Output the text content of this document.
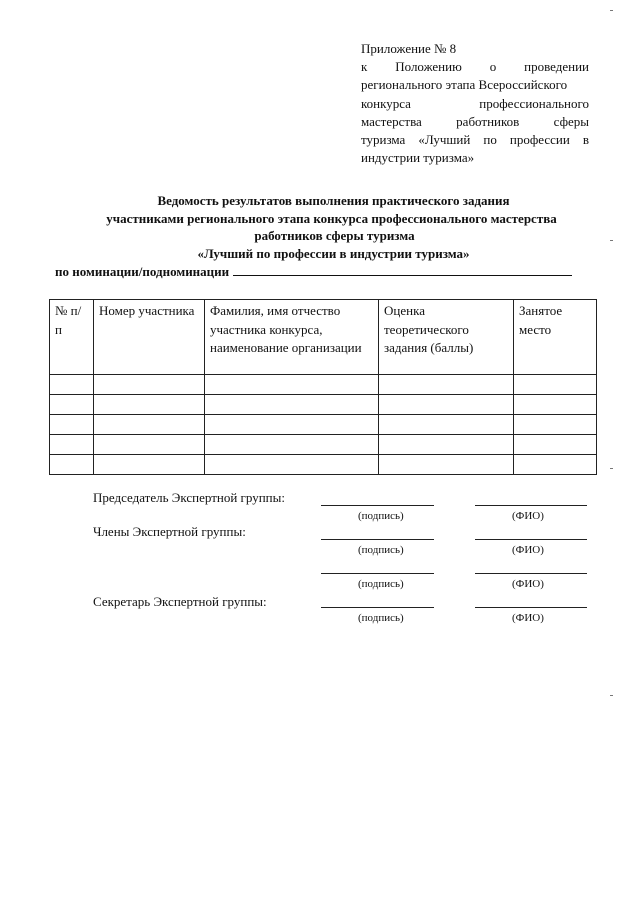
Приложение № 8
к Положению о проведении
регионального этапа Всероссийского
конкурса профессионального
мастерства работников сферы
туризма «Лучший по профессии в
индустрии туризма»
Ведомость результатов выполнения практического задания
участниками регионального этапа конкурса профессионального мастерства
работников сферы туризма
«Лучший по профессии в индустрии туризма»
по номинации/подноминации
№ п/п	Номер участника	Фамилия, имя отчество участника конкурса, наименование организации	Оценка теоретического задания (баллы)	Занятое место

Председатель Экспертной группы:
(подпись)	(ФИО)
Члены Экспертной группы:
(подпись)	(ФИО)
(подпись)	(ФИО)
Секретарь Экспертной группы:
(подпись)	(ФИО)
